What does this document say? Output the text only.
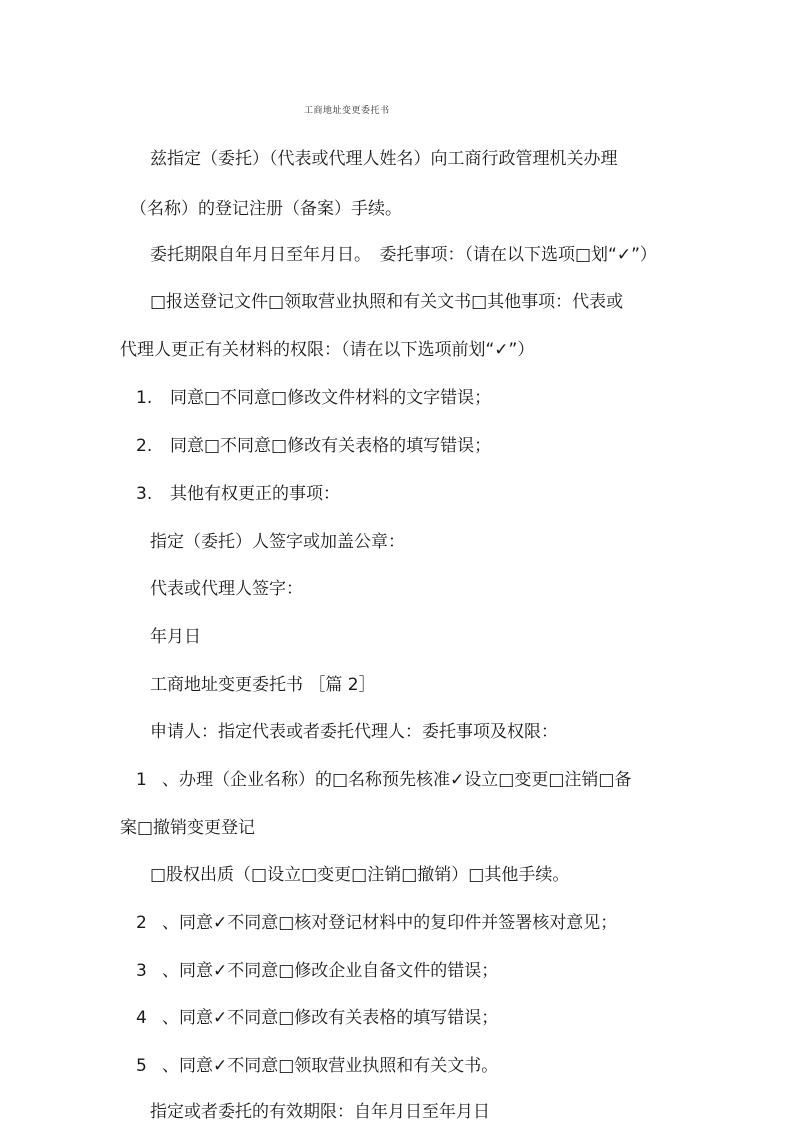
工商地址变更委托书
兹指定（委托）（代表或代理人姓名）向工商行政管理机关办理
（名称）的登记注册（备案）手续。
委托期限自年月日至年月日。　委托事项：（请在以下选项□划“✓”）
□报送登记文件□领取营业执照和有关文书□其他事项：代表或
代理人更正有关材料的权限：（请在以下选项前划“✓”）
1. 同意□不同意□修改文件材料的文字错误；
2. 同意□不同意□修改有关表格的填写错误；
3. 其他有权更正的事项：
指定（委托）人签字或加盖公章：
代表或代理人签字：
年月日
工商地址变更委托书 ［篇 2］
申请人：指定代表或者委托代理人：委托事项及权限：
1 、办理（企业名称）的□名称预先核准✓设立□变更□注销□备
案□撤销变更登记
□股权出质（□设立□变更□注销□撤销）□其他手续。
2 、同意✓不同意□核对登记材料中的复印件并签署核对意见；
3 、同意✓不同意□修改企业自备文件的错误；
4 、同意✓不同意□修改有关表格的填写错误；
5 、同意✓不同意□领取营业执照和有关文书。
指定或者委托的有效期限：自年月日至年月日
